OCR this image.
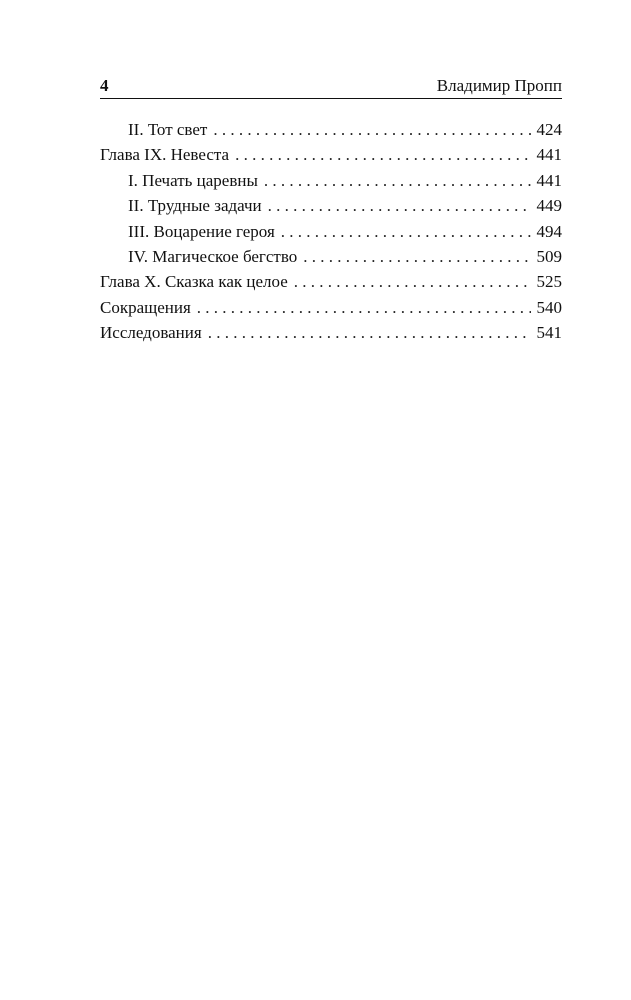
4	Владимир Пропп
II. Тот свет . . .	424
Глава IX. Невеста . . .	441
I. Печать царевны . . .	441
II. Трудные задачи . . .	449
III. Воцарение героя . . .	494
IV. Магическое бегство . . .	509
Глава X. Сказка как целое . . .	525
Сокращения . . .	540
Исследования . . .	541
